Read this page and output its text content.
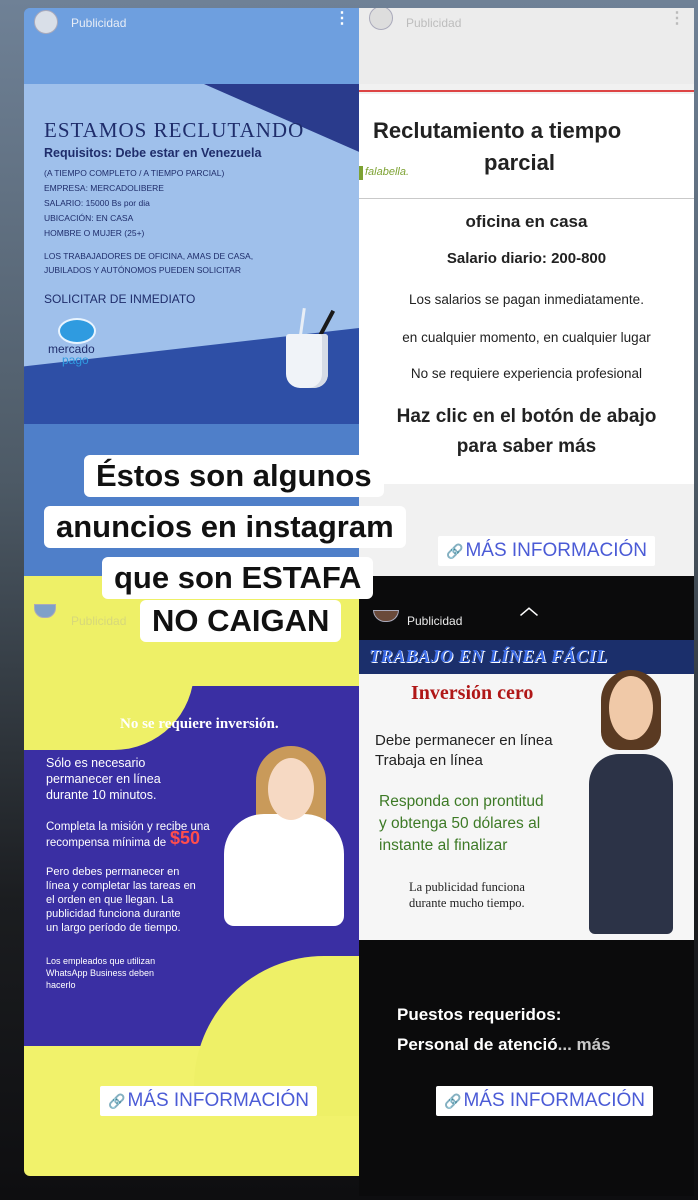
Publicidad	⋮
ESTAMOS RECLUTANDO
Requisitos: Debe estar en Venezuela
(A TIEMPO COMPLETO / A TIEMPO PARCIAL)
EMPRESA: MERCADOLIBERE
SALARIO: 15000 Bs por dia
UBICACIÓN: EN CASA
HOMBRE O MUJER (25+)
LOS TRABAJADORES DE OFICINA, AMAS DE CASA,
JUBILADOS Y AUTÓNOMOS PUEDEN SOLICITAR
SOLICITAR DE INMEDIATO
mercado
pago
Publicidad	⋮
Reclutamiento a tiempo
parcial
falabella.
oficina en casa
Salario diario: 200-800
Los salarios se pagan inmediatamente.
en cualquier momento, en cualquier lugar
No se requiere experiencia profesional
Haz clic en el botón de abajo
para saber más
🔗 MÁS INFORMACIÓN
Publicidad
No se requiere inversión.
Sólo es necesario
permanecer en línea
durante 10 minutos.
Completa la misión y recibe una
recompensa mínima de $50
Pero debes permanecer en
línea y completar las tareas en
el orden en que llegan. La
publicidad funciona durante
un largo período de tiempo.
Los empleados que utilizan
WhatsApp Business deben
hacerlo
🔗 MÁS INFORMACIÓN
Publicidad
TRABAJO EN LÍNEA FÁCIL
Inversión cero
Debe permanecer en línea
Trabaja en línea
Responda con prontitud
y obtenga 50 dólares al
instante al finalizar
La publicidad funciona
durante mucho tiempo.
Puestos requeridos:
Personal de atenció... más
🔗 MÁS INFORMACIÓN
︿
Éstos son algunos
anuncios en instagram
que son ESTAFA
NO CAIGAN
